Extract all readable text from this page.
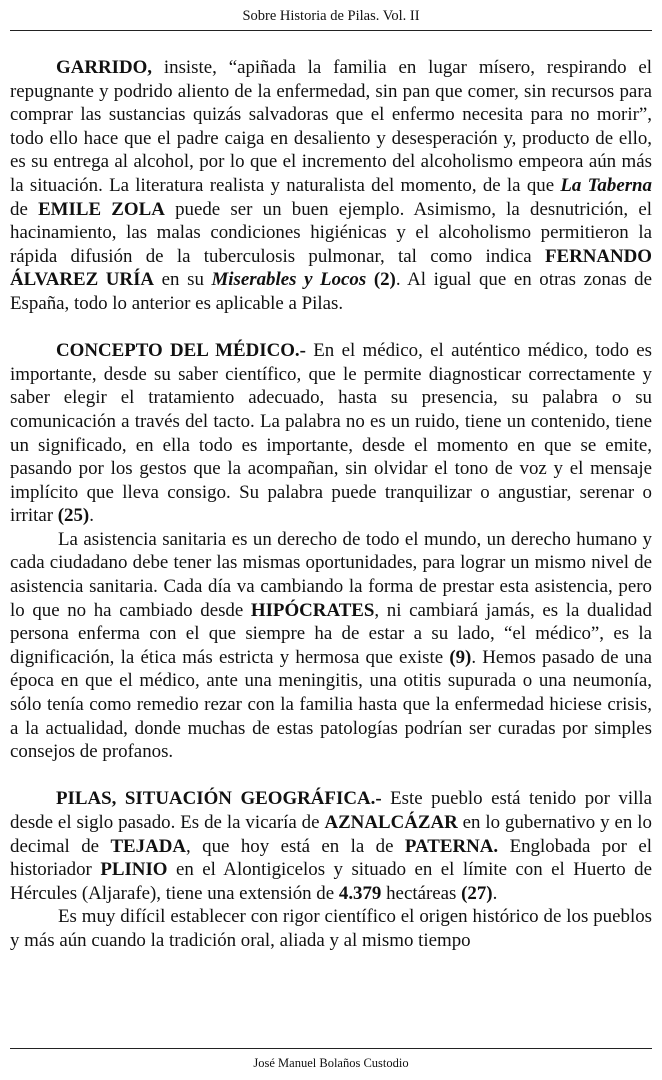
Sobre Historia de Pilas. Vol. II

GARRIDO, insiste, “apiñada la familia en lugar mísero, respirando el repugnante y podrido aliento de la enfermedad, sin pan que comer, sin recursos para comprar las sustancias quizás salvadoras que el enfermo necesita para no morir”, todo ello hace que el padre caiga en desaliento y desesperación y, producto de ello, es su entrega al alcohol, por lo que el incremento del alcoholismo empeora aún más la situación. La literatura realista y naturalista del momento, de la que La Taberna de EMILE ZOLA puede ser un buen ejemplo. Asimismo, la desnutrición, el hacinamiento, las malas condiciones higiénicas y el alcoholismo permitieron la rápida difusión de la tuberculosis pulmonar, tal como indica FERNANDO ÁLVAREZ URÍA en su Miserables y Locos (2). Al igual que en otras zonas de España, todo lo anterior es aplicable a Pilas.

CONCEPTO DEL MÉDICO.- En el médico, el auténtico médico, todo es importante, desde su saber científico, que le permite diagnosticar correctamente y saber elegir el tratamiento adecuado, hasta su presencia, su palabra o su comunicación a través del tacto. La palabra no es un ruido, tiene un contenido, tiene un significado, en ella todo es importante, desde el momento en que se emite, pasando por los gestos que la acompañan, sin olvidar el tono de voz y el mensaje implícito que lleva consigo. Su palabra puede tranquilizar o angustiar, serenar o irritar (25).

La asistencia sanitaria es un derecho de todo el mundo, un derecho humano y cada ciudadano debe tener las mismas oportunidades, para lograr un mismo nivel de asistencia sanitaria. Cada día va cambiando la forma de prestar esta asistencia, pero lo que no ha cambiado desde HIPÓCRATES, ni cambiará jamás, es la dualidad persona enferma con el que siempre ha de estar a su lado, “el médico”, es la dignificación, la ética más estricta y hermosa que existe (9). Hemos pasado de una época en que el médico, ante una meningitis, una otitis supurada o una neumonía, sólo tenía como remedio rezar con la familia hasta que la enfermedad hiciese crisis, a la actualidad, donde muchas de estas patologías podrían ser curadas por simples consejos de profanos.

PILAS, SITUACIÓN GEOGRÁFICA.- Este pueblo está tenido por villa desde el siglo pasado. Es de la vicaría de AZNALCÁZAR en lo gubernativo y en lo decimal de TEJADA, que hoy está en la de PATERNA. Englobada por el historiador PLINIO en el Alontigicelos y situado en el límite con el Huerto de Hércules (Aljarafe), tiene una extensión de 4.379 hectáreas (27).

Es muy difícil establecer con rigor científico el origen histórico de los pueblos y más aún cuando la tradición oral, aliada y al mismo tiempo

José Manuel Bolaños Custodio
